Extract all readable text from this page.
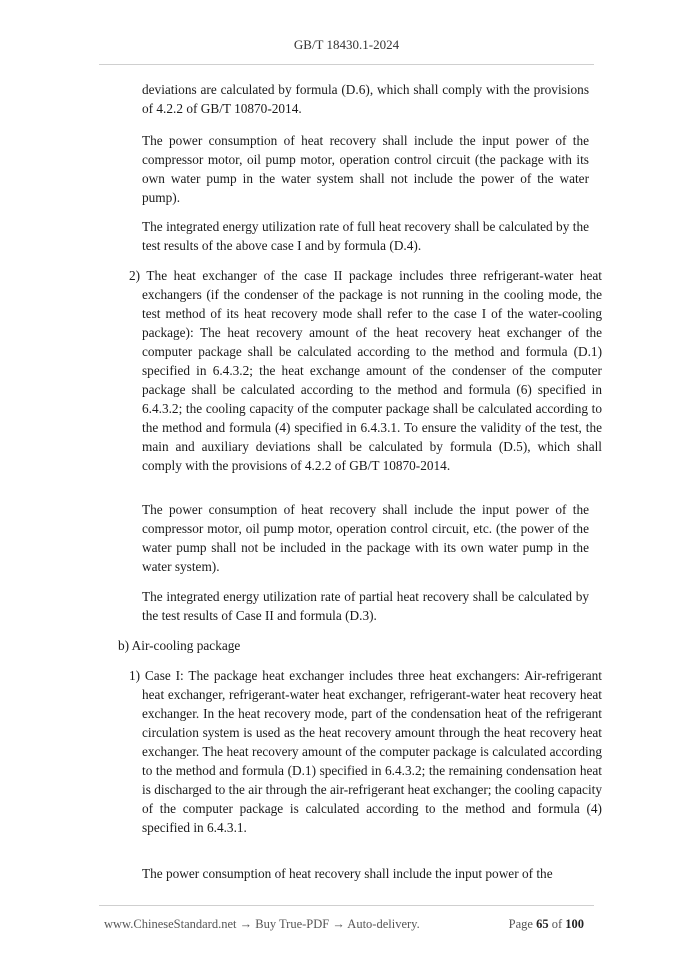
GB/T 18430.1-2024

deviations are calculated by formula (D.6), which shall comply with the provisions of 4.2.2 of GB/T 10870-2014.

The power consumption of heat recovery shall include the input power of the compressor motor, oil pump motor, operation control circuit (the package with its own water pump in the water system shall not include the power of the water pump).

The integrated energy utilization rate of full heat recovery shall be calculated by the test results of the above case I and by formula (D.4).

2) The heat exchanger of the case II package includes three refrigerant-water heat exchangers (if the condenser of the package is not running in the cooling mode, the test method of its heat recovery mode shall refer to the case I of the water-cooling package): The heat recovery amount of the heat recovery heat exchanger of the computer package shall be calculated according to the method and formula (D.1) specified in 6.4.3.2; the heat exchange amount of the condenser of the computer package shall be calculated according to the method and formula (6) specified in 6.4.3.2; the cooling capacity of the computer package shall be calculated according to the method and formula (4) specified in 6.4.3.1. To ensure the validity of the test, the main and auxiliary deviations shall be calculated by formula (D.5), which shall comply with the provisions of 4.2.2 of GB/T 10870-2014.

The power consumption of heat recovery shall include the input power of the compressor motor, oil pump motor, operation control circuit, etc. (the power of the water pump shall not be included in the package with its own water pump in the water system).

The integrated energy utilization rate of partial heat recovery shall be calculated by the test results of Case II and formula (D.3).

b) Air-cooling package

1) Case I: The package heat exchanger includes three heat exchangers: Air-refrigerant heat exchanger, refrigerant-water heat exchanger, refrigerant-water heat recovery heat exchanger. In the heat recovery mode, part of the condensation heat of the refrigerant circulation system is used as the heat recovery amount through the heat recovery heat exchanger. The heat recovery amount of the computer package is calculated according to the method and formula (D.1) specified in 6.4.3.2; the remaining condensation heat is discharged to the air through the air-refrigerant heat exchanger; the cooling capacity of the computer package is calculated according to the method and formula (4) specified in 6.4.3.1.

The power consumption of heat recovery shall include the input power of the

www.ChineseStandard.net → Buy True-PDF → Auto-delivery.	Page 65 of 100
